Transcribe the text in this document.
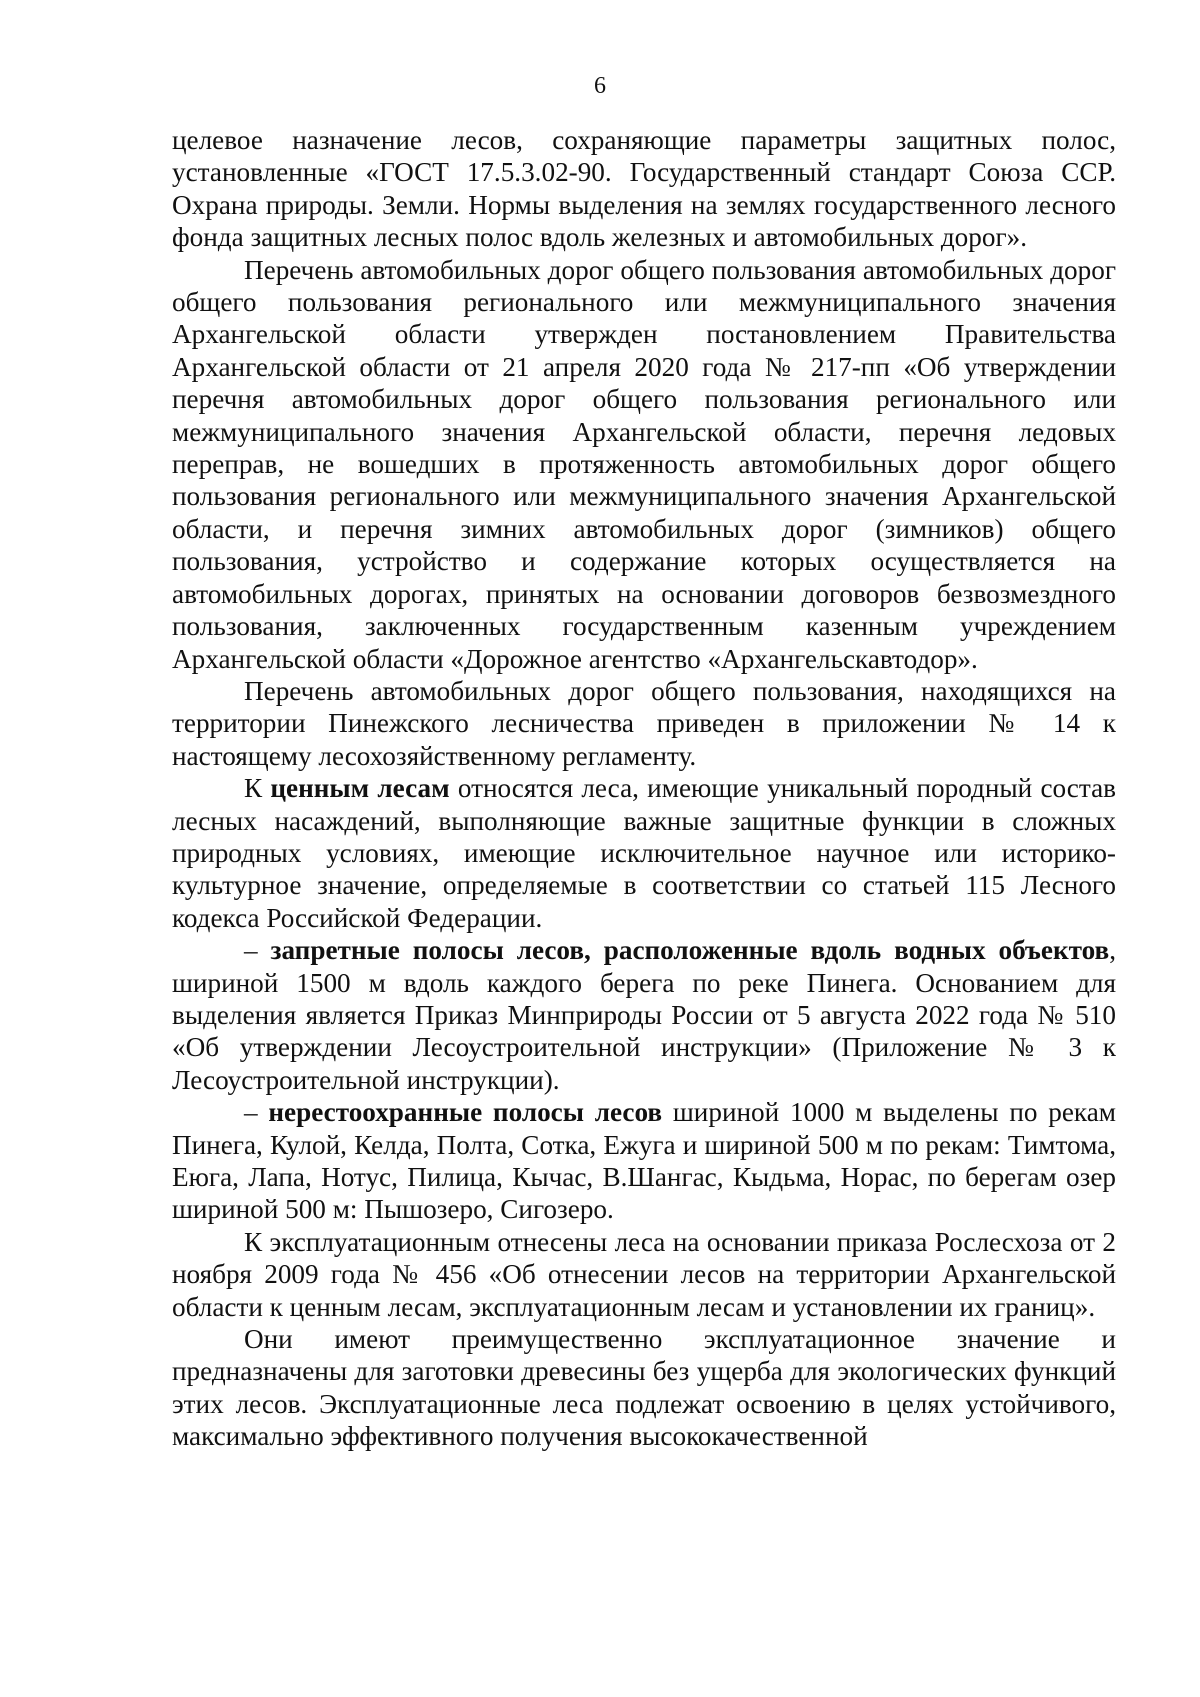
6

целевое назначение лесов, сохраняющие параметры защитных полос, установленные «ГОСТ 17.5.3.02-90. Государственный стандарт Союза ССР. Охрана природы. Земли. Нормы выделения на землях государственного лесного фонда защитных лесных полос вдоль железных и автомобильных дорог».

Перечень автомобильных дорог общего пользования автомобильных дорог общего пользования регионального или межмуниципального значения Архангельской области утвержден постановлением Правительства Архангельской области от 21 апреля 2020 года № 217-пп «Об утверждении перечня автомобильных дорог общего пользования регионального или межмуниципального значения Архангельской области, перечня ледовых переправ, не вошедших в протяженность автомобильных дорог общего пользования регионального или межмуниципального значения Архангельской области, и перечня зимних автомобильных дорог (зимников) общего пользования, устройство и содержание которых осуществляется на автомобильных дорогах, принятых на основании договоров безвозмездного пользования, заключенных государственным казенным учреждением Архангельской области «Дорожное агентство «Архангельскавтодор».

Перечень автомобильных дорог общего пользования, находящихся на территории Пинежского лесничества приведен в приложении № 14 к настоящему лесохозяйственному регламенту.

К ценным лесам относятся леса, имеющие уникальный породный состав лесных насаждений, выполняющие важные защитные функции в сложных природных условиях, имеющие исключительное научное или историко-культурное значение, определяемые в соответствии со статьей 115 Лесного кодекса Российской Федерации.

– запретные полосы лесов, расположенные вдоль водных объектов, шириной 1500 м вдоль каждого берега по реке Пинега. Основанием для выделения является Приказ Минприроды России от 5 августа 2022 года № 510 «Об утверждении Лесоустроительной инструкции» (Приложение № 3 к Лесоустроительной инструкции).

– нерестоохранные полосы лесов шириной 1000 м выделены по рекам Пинега, Кулой, Келда, Полта, Сотка, Ежуга и шириной 500 м по рекам: Тимтома, Еюга, Лапа, Нотус, Пилица, Кычас, В.Шангас, Кыдьма, Норас, по берегам озер шириной 500 м: Пышозеро, Сигозеро.

К эксплуатационным отнесены леса на основании приказа Рослесхоза от 2 ноября 2009 года № 456 «Об отнесении лесов на территории Архангельской области к ценным лесам, эксплуатационным лесам и установлении их границ».

Они имеют преимущественно эксплуатационное значение и предназначены для заготовки древесины без ущерба для экологических функций этих лесов. Эксплуатационные леса подлежат освоению в целях устойчивого, максимально эффективного получения высококачественной
